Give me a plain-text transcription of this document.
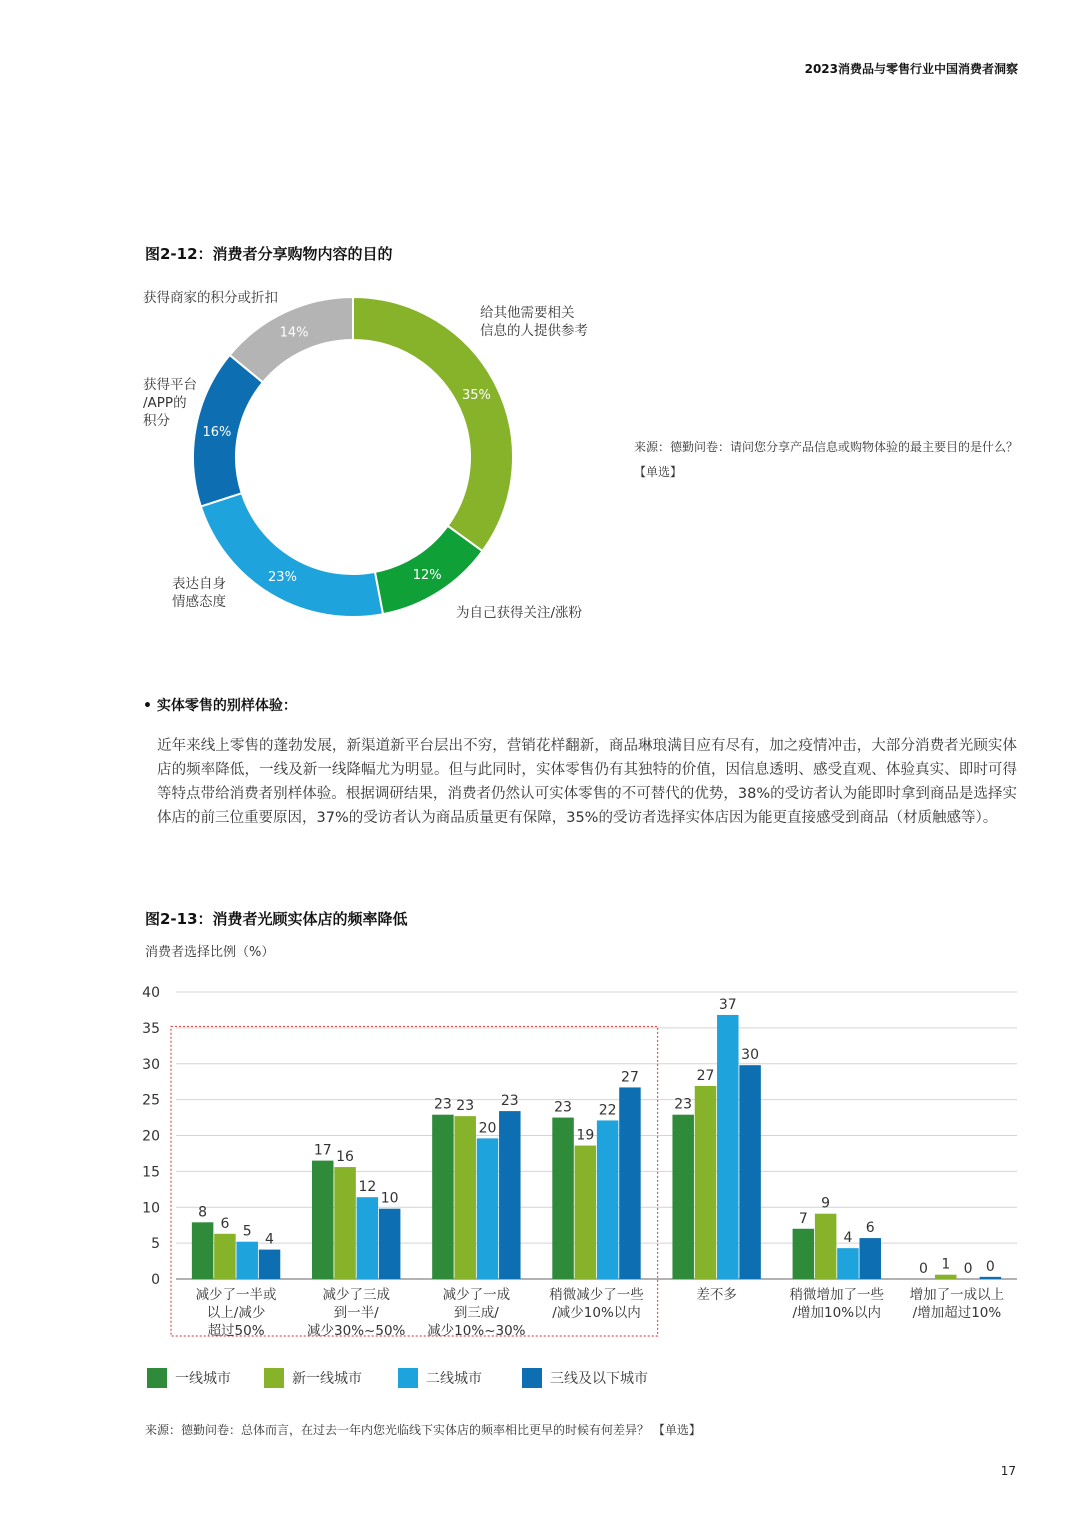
2023消费品与零售行业中国消费者洞察
图2-12：消费者分享购物内容的目的
35%
给其他需要相关
信息的人提供参考
12%
为自己获得关注/涨粉
23%
表达自身
情感态度
16%
获得平台
/APP的
积分
14%
获得商家的积分或折扣
来源：德勤问卷：请问您分享产品信息或购物体验的最主要目的是什么？【单选】
• 实体零售的别样体验：
近年来线上零售的蓬勃发展，新渠道新平台层出不穷，营销花样翻新，商品琳琅满目应有尽有，加之疫情冲击，大部分消费者光顾实体店的频率降低，一线及新一线降幅尤为明显。但与此同时，实体零售仍有其独特的价值，因信息透明、感受直观、体验真实、即时可得等特点带给消费者别样体验。根据调研结果，消费者仍然认可实体零售的不可替代的优势，38%的受访者认为能即时拿到商品是选择实体店的前三位重要原因，37%的受访者认为商品质量更有保障，35%的受访者选择实体店因为能更直接感受到商品（材质触感等）。
图2-13：消费者光顾实体店的频率降低
消费者选择比例（%）
0
5
10
15
20
25
30
35
40
8
6 5 4
减少了一半或
以上/减少
超过50%
17 16
12
10
减少了三成
到一半/
减少30%~50%
23 23
20
23
减少了一成
到三成/
减少10%~30%
23
19
22
27
稍微减少了一些
/减少10%以内
23
27
37
30
差不多
7
9
4
6
稍微增加了一些
/增加10%以内
0 1 0 0
增加了一成以上
/增加超过10%
一线城市	新一线城市	二线城市	三线及以下城市
来源：德勤问卷：总体而言，在过去一年内您光临线下实体店的频率相比更早的时候有何差异？ 【单选】
17
